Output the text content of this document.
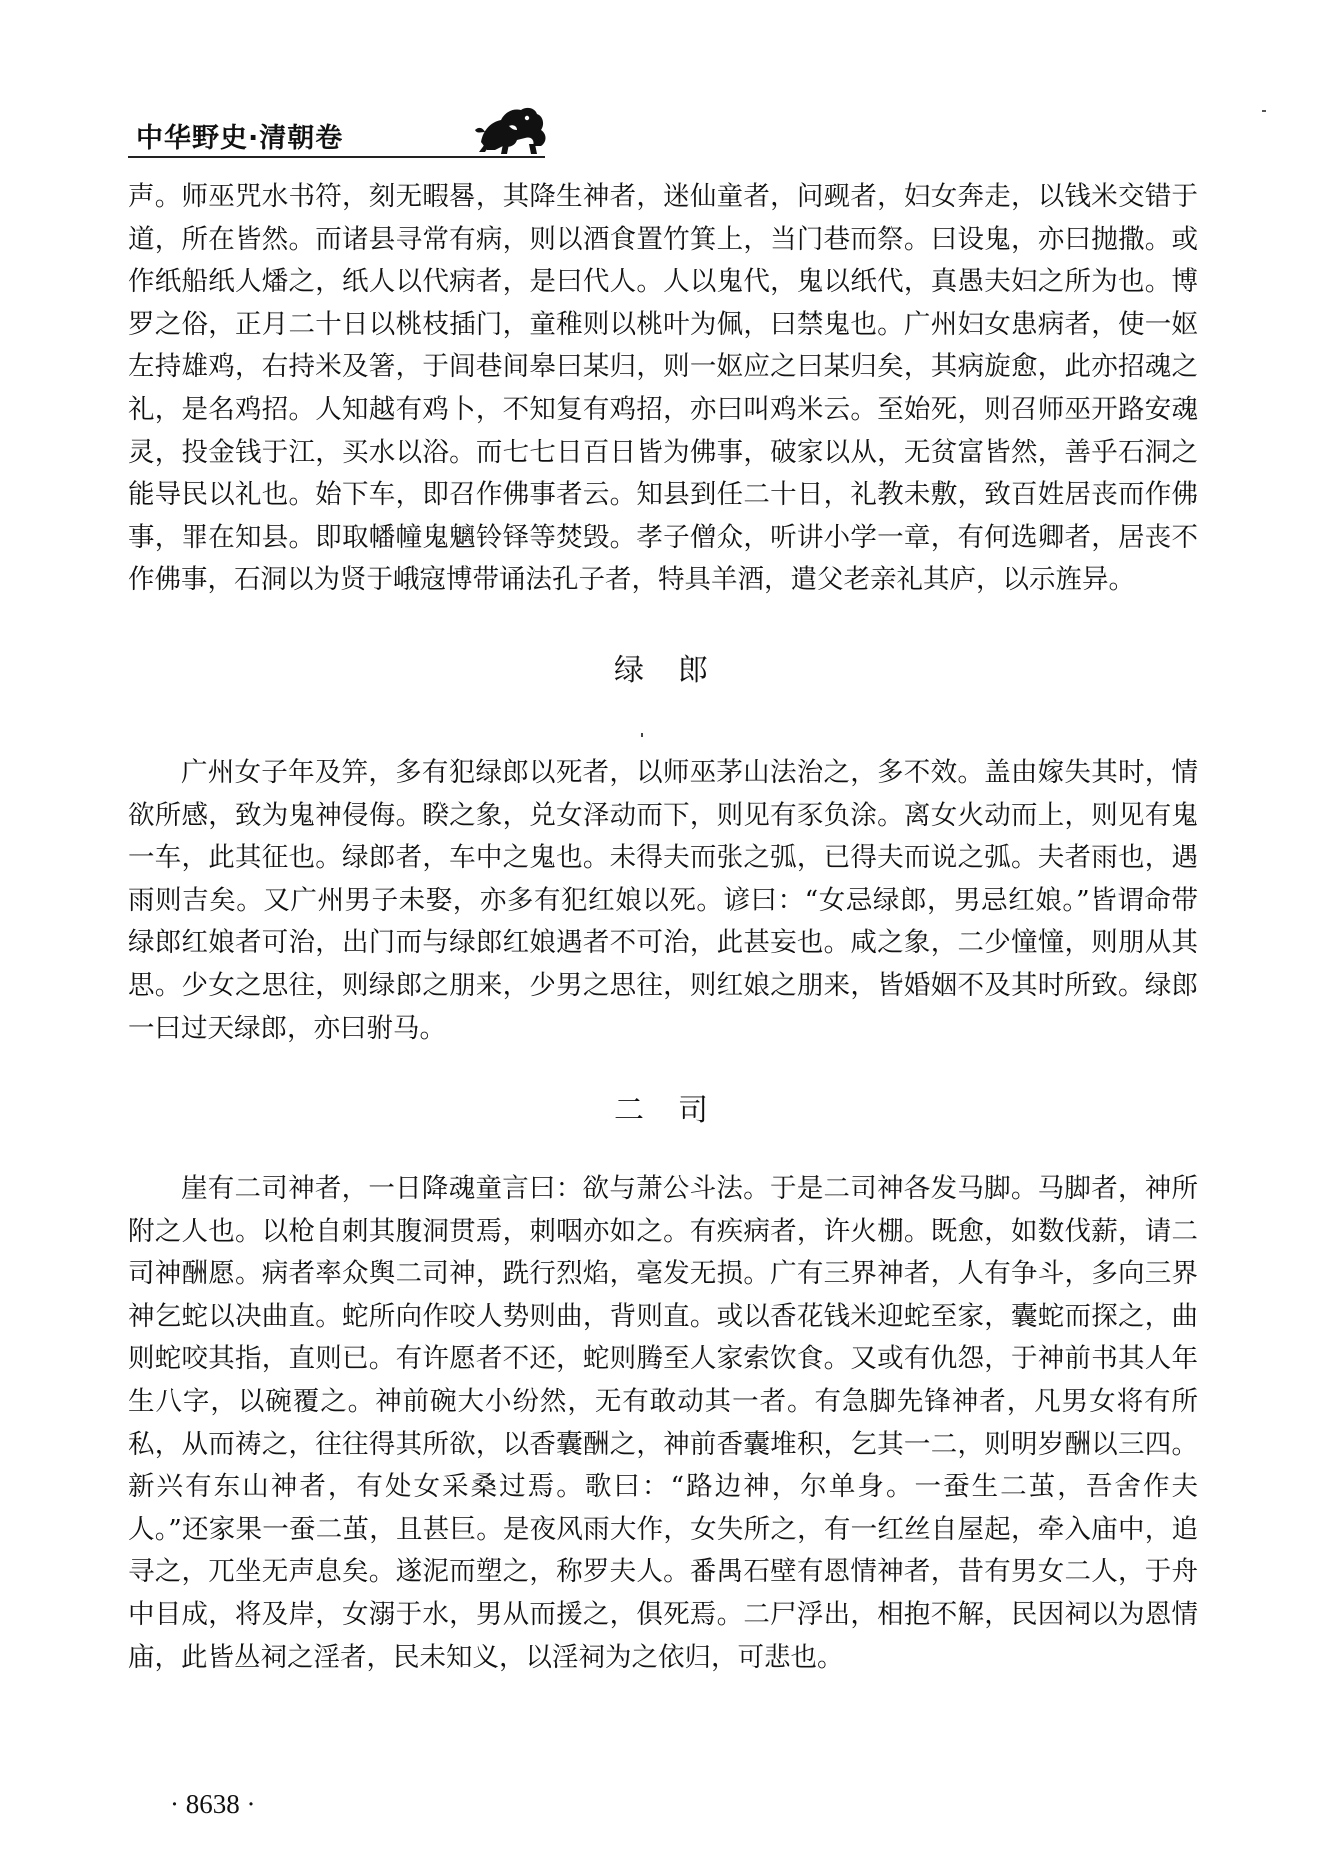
中华野史·清朝卷

声。师巫咒水书符，刻无暇晷，其降生神者，迷仙童者，问觋者，妇女奔走，以钱米交错于道，所在皆然。而诸县寻常有病，则以酒食置竹箕上，当门巷而祭。曰设鬼，亦曰抛撒。或作纸船纸人燔之，纸人以代病者，是曰代人。人以鬼代，鬼以纸代，真愚夫妇之所为也。博罗之俗，正月二十日以桃枝插门，童稚则以桃叶为佩，曰禁鬼也。广州妇女患病者，使一妪左持雄鸡，右持米及箸，于闾巷间皋曰某归，则一妪应之曰某归矣，其病旋愈，此亦招魂之礼，是名鸡招。人知越有鸡卜，不知复有鸡招，亦曰叫鸡米云。至始死，则召师巫开路安魂灵，投金钱于江，买水以浴。而七七日百日皆为佛事，破家以从，无贫富皆然，善乎石洞之能导民以礼也。始下车，即召作佛事者云。知县到任二十日，礼教未敷，致百姓居丧而作佛事，罪在知县。即取幡幢鬼魑铃铎等焚毁。孝子僧众，听讲小学一章，有何选卿者，居丧不作佛事，石洞以为贤于峨寇博带诵法孔子者，特具羊酒，遣父老亲礼其庐，以示旌异。

绿郎

广州女子年及笄，多有犯绿郎以死者，以师巫茅山法治之，多不效。盖由嫁失其时，情欲所感，致为鬼神侵侮。睽之象，兑女泽动而下，则见有豕负涂。离女火动而上，则见有鬼一车，此其征也。绿郎者，车中之鬼也。未得夫而张之弧，已得夫而说之弧。夫者雨也，遇雨则吉矣。又广州男子未娶，亦多有犯红娘以死。谚曰：“女忌绿郎，男忌红娘。”皆谓命带绿郎红娘者可治，出门而与绿郎红娘遇者不可治，此甚妄也。咸之象，二少憧憧，则朋从其思。少女之思往，则绿郎之朋来，少男之思往，则红娘之朋来，皆婚姻不及其时所致。绿郎一曰过天绿郎，亦曰驸马。

二司

崖有二司神者，一日降魂童言曰：欲与萧公斗法。于是二司神各发马脚。马脚者，神所附之人也。以枪自刺其腹洞贯焉，刺咽亦如之。有疾病者，许火棚。既愈，如数伐薪，请二司神酬愿。病者率众舆二司神，跣行烈焰，毫发无损。广有三界神者，人有争斗，多向三界神乞蛇以决曲直。蛇所向作咬人势则曲，背则直。或以香花钱米迎蛇至家，囊蛇而探之，曲则蛇咬其指，直则已。有许愿者不还，蛇则腾至人家索饮食。又或有仇怨，于神前书其人年生八字，以碗覆之。神前碗大小纷然，无有敢动其一者。有急脚先锋神者，凡男女将有所私，从而祷之，往往得其所欲，以香囊酬之，神前香囊堆积，乞其一二，则明岁酬以三四。新兴有东山神者，有处女采桑过焉。歌曰：“路边神，尔单身。一蚕生二茧，吾舍作夫人。”还家果一蚕二茧，且甚巨。是夜风雨大作，女失所之，有一红丝自屋起，牵入庙中，追寻之，兀坐无声息矣。遂泥而塑之，称罗夫人。番禺石壁有恩情神者，昔有男女二人，于舟中目成，将及岸，女溺于水，男从而援之，俱死焉。二尸浮出，相抱不解，民因祠以为恩情庙，此皆丛祠之淫者，民未知义，以淫祠为之依归，可悲也。

· 8638 ·
